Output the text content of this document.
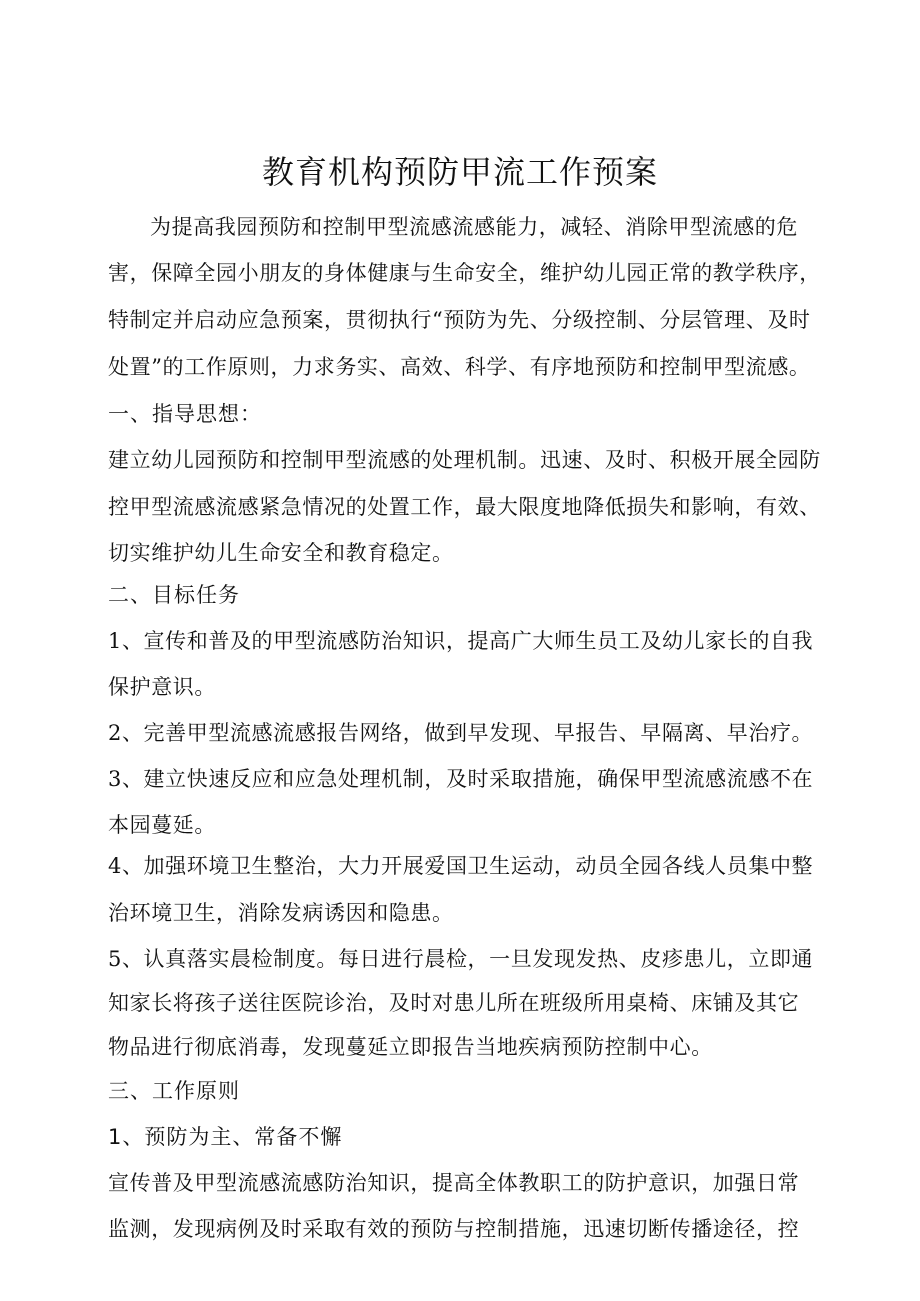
教育机构预防甲流工作预案

为提高我园预防和控制甲型流感流感能力，减轻、消除甲型流感的危

害，保障全园小朋友的身体健康与生命安全，维护幼儿园正常的教学秩序，

特制定并启动应急预案，贯彻执行“预防为先、分级控制、分层管理、及时

处置”的工作原则，力求务实、高效、科学、有序地预防和控制甲型流感。

一、指导思想：

建立幼儿园预防和控制甲型流感的处理机制。迅速、及时、积极开展全园防

控甲型流感流感紧急情况的处置工作，最大限度地降低损失和影响，有效、

切实维护幼儿生命安全和教育稳定。

二、目标任务

1、宣传和普及的甲型流感防治知识，提高广大师生员工及幼儿家长的自我

保护意识。

2、完善甲型流感流感报告网络，做到早发现、早报告、早隔离、早治疗。

3、建立快速反应和应急处理机制，及时采取措施，确保甲型流感流感不在

本园蔓延。

4、加强环境卫生整治，大力开展爱国卫生运动，动员全园各线人员集中整

治环境卫生，消除发病诱因和隐患。

5、认真落实晨检制度。每日进行晨检，一旦发现发热、皮疹患儿，立即通

知家长将孩子送往医院诊治，及时对患儿所在班级所用桌椅、床铺及其它

物品进行彻底消毒，发现蔓延立即报告当地疾病预防控制中心。

三、工作原则

1、预防为主、常备不懈

宣传普及甲型流感流感防治知识，提高全体教职工的防护意识，加强日常

监测，发现病例及时采取有效的预防与控制措施，迅速切断传播途径，控
